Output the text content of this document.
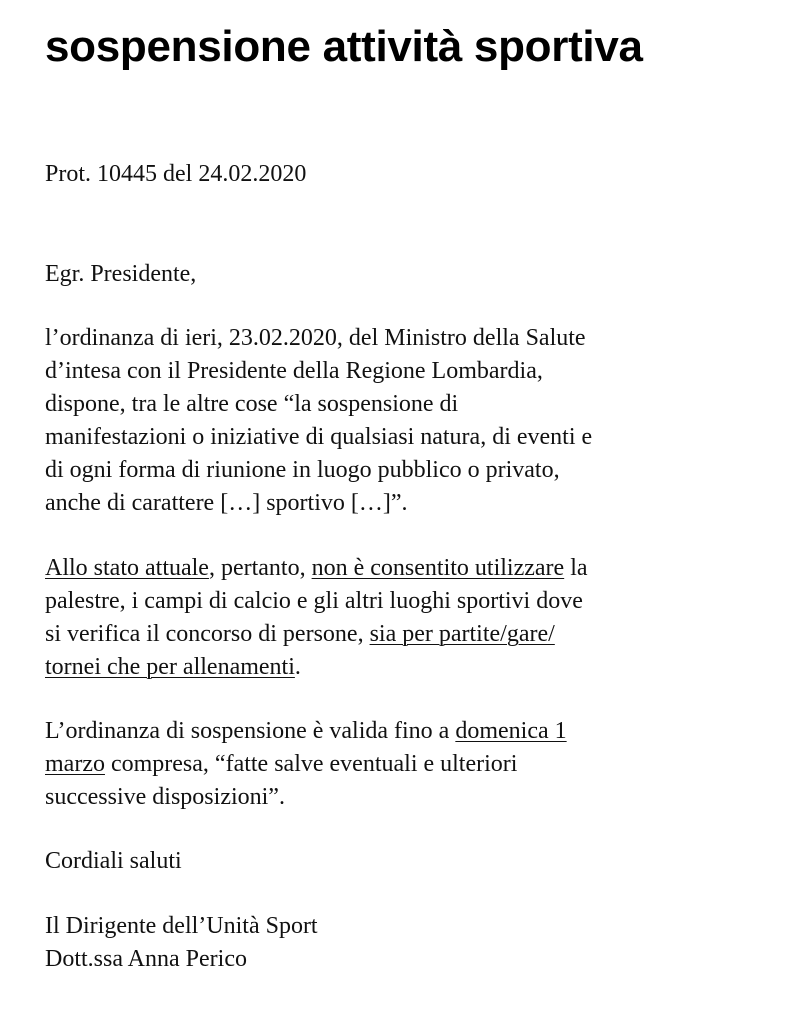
sospensione attività sportiva

Prot. 10445 del 24.02.2020

Egr. Presidente,

l’ordinanza di ieri, 23.02.2020, del Ministro della Salute

d’intesa con il Presidente della Regione Lombardia,

dispone, tra le altre cose “la sospensione di

manifestazioni o iniziative di qualsiasi natura, di eventi e

di ogni forma di riunione in luogo pubblico o privato,

anche di carattere […] sportivo […]”.

Allo stato attuale, pertanto, non è consentito utilizzare la

palestre, i campi di calcio e gli altri luoghi sportivi dove

si verifica il concorso di persone, sia per partite/gare/

tornei che per allenamenti.

L’ordinanza di sospensione è valida fino a domenica 1

marzo compresa, “fatte salve eventuali e ulteriori

successive disposizioni”.

Cordiali saluti

Il Dirigente dell’Unità Sport

Dott.ssa Anna Perico
